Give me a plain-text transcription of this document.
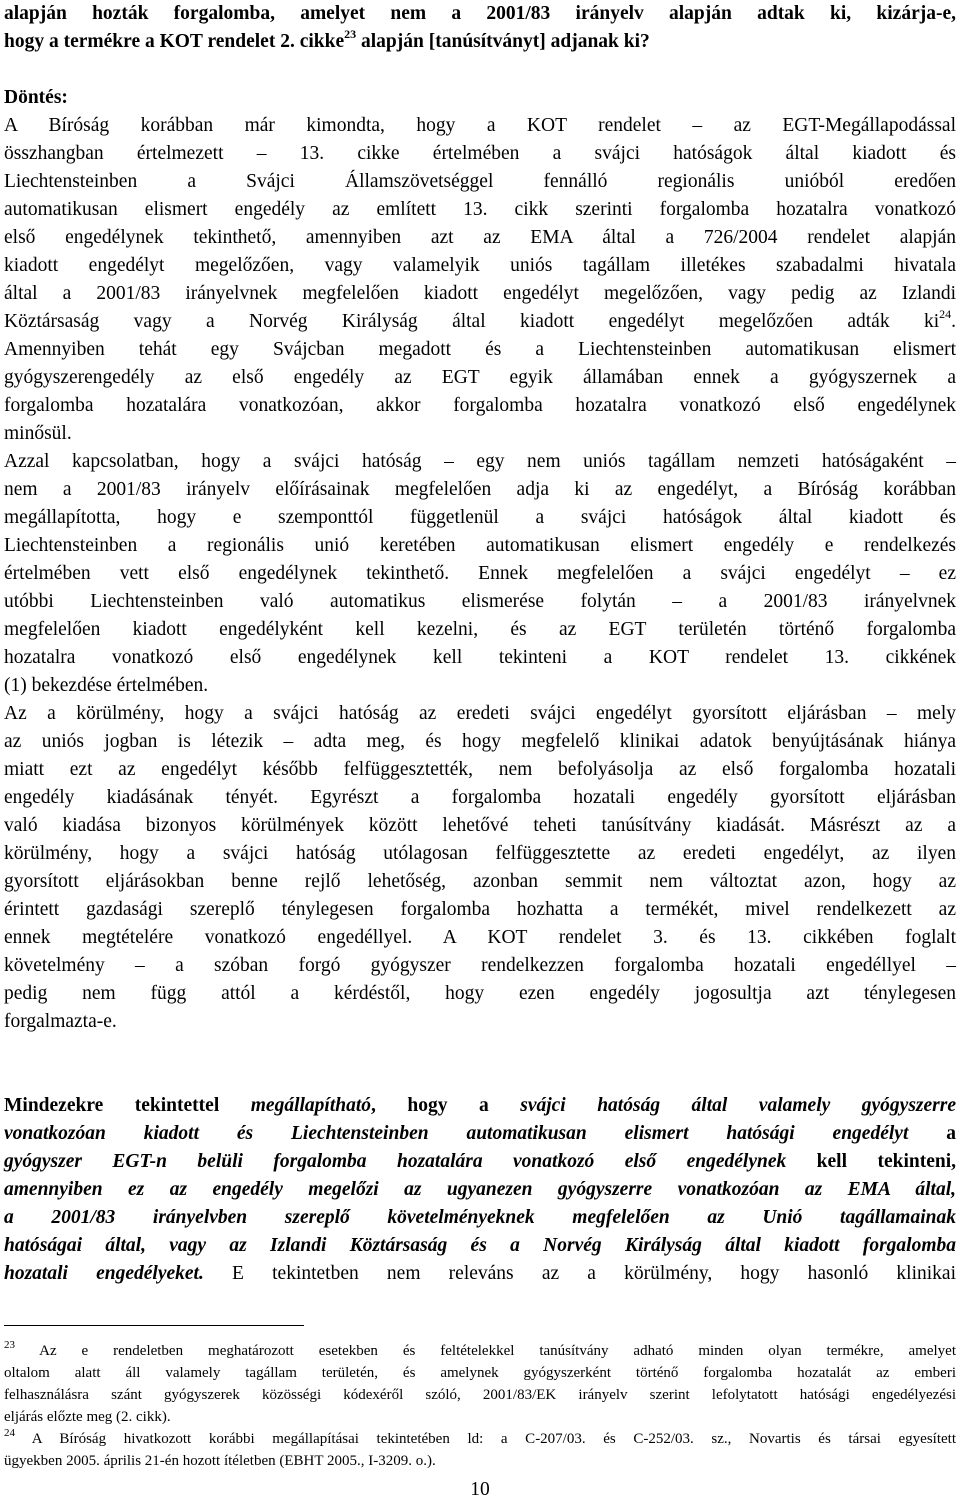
alapján hozták forgalomba, amelyet nem a 2001/83 irányelv alapján adtak ki, kizárja-e,
hogy a termékre a KOT rendelet 2. cikke$^{23}$ alapján [tanúsítványt] adjanak ki?
Döntés:
A Bíróság korábban már kimondta, hogy a KOT rendelet – az EGT-Megállapodással
összhangban értelmezett – 13. cikke értelmében a svájci hatóságok által kiadott és
Liechtensteinben a Svájci Államszövetséggel fennálló regionális unióból eredően
automatikusan elismert engedély az említett 13. cikk szerinti forgalomba hozatalra vonatkozó
első engedélynek tekinthető, amennyiben azt az EMA által a 726/2004 rendelet alapján
kiadott engedélyt megelőzően, vagy valamelyik uniós tagállam illetékes szabadalmi hivatala
által a 2001/83 irányelvnek megfelelően kiadott engedélyt megelőzően, vagy pedig az Izlandi
Köztársaság vagy a Norvég Királyság által kiadott engedélyt megelőzően adták $ki^{24}$.
Amennyiben tehát egy Svájcban megadott és a Liechtensteinben automatikusan elismert
gyógyszerengedély az első engedély az EGT egyik államában ennek a gyógyszernek a
forgalomba hozatalára vonatkozóan, akkor forgalomba hozatalra vonatkozó első engedélynek
minősül.
Azzal kapcsolatban, hogy a svájci hatóság – egy nem uniós tagállam nemzeti hatóságaként –
nem a 2001/83 irányelv előírásainak megfelelően adja ki az engedélyt, a Bíróság korábban
megállapította, hogy e szemponttól függetlenül a svájci hatóságok által kiadott és
Liechtensteinben a regionális unió keretében automatikusan elismert engedély e rendelkezés
értelmében vett első engedélynek tekinthető. Ennek megfelelően a svájci engedélyt – ez
utóbbi Liechtensteinben való automatikus elismerése folytán – a 2001/83 irányelvnek
megfelelően kiadott engedélyként kell kezelni, és az EGT területén történő forgalomba
hozatalra vonatkozó első engedélynek kell tekinteni a KOT rendelet 13. cikkének
(1) bekezdése értelmében.
Az a körülmény, hogy a svájci hatóság az eredeti svájci engedélyt gyorsított eljárásban – mely
az uniós jogban is létezik – adta meg, és hogy megfelelő klinikai adatok benyújtásának hiánya
miatt ezt az engedélyt később felfüggesztették, nem befolyásolja az első forgalomba hozatali
engedély kiadásának tényét. Egyrészt a forgalomba hozatali engedély gyorsított eljárásban
való kiadása bizonyos körülmények között lehetővé teheti tanúsítvány kiadását. Másrészt az a
körülmény, hogy a svájci hatóság utólagosan felfüggesztette az eredeti engedélyt, az ilyen
gyorsított eljárásokban benne rejlő lehetőség, azonban semmit nem változtat azon, hogy az
érintett gazdasági szereplő ténylegesen forgalomba hozhatta a termékét, mivel rendelkezett az
ennek megtételére vonatkozó engedéllyel. A KOT rendelet 3. és 13. cikkében foglalt
követelmény – a szóban forgó gyógyszer rendelkezzen forgalomba hozatali engedéllyel –
pedig nem függ attól a kérdéstől, hogy ezen engedély jogosultja azt ténylegesen
forgalmazta-e.
Mindezekre tekintettel megállapítható, hogy a svájci hatóság által valamely gyógyszerre
vonatkozóan kiadott és Liechtensteinben automatikusan elismert hatósági engedélyt a
gyógyszer EGT-n belüli forgalomba hozatalára vonatkozó első engedélynek kell tekinteni,
amennyiben ez az engedély megelőzi az ugyanezen gyógyszerre vonatkozóan az EMA által,
a 2001/83 irányelvben szereplő követelményeknek megfelelően az Unió tagállamainak
hatóságai által, vagy az Izlandi Köztársaság és a Norvég Királyság által kiadott forgalomba
hozatali engedélyeket. E tekintetben nem releváns az a körülmény, hogy hasonló klinikai
$^{23}$ Az e rendeletben meghatározott esetekben és feltételekkel tanúsítvány adható minden olyan termékre, amelyet
oltalom alatt áll valamely tagállam területén, és amelynek gyógyszerként történő forgalomba hozatalát az emberi
felhasználásra szánt gyógyszerek közösségi kódexéről szóló, 2001/83/EK irányelv szerint lefolytatott hatósági engedélyezési
eljárás előzte meg (2. cikk).
$^{24}$ A Bíróság hivatkozott korábbi megállapításai tekintetében ld: a C-207/03. és C-252/03. sz., Novartis és társai egyesített
ügyekben 2005. április 21-én hozott ítéletben (EBHT 2005., I-3209. o.).
10
